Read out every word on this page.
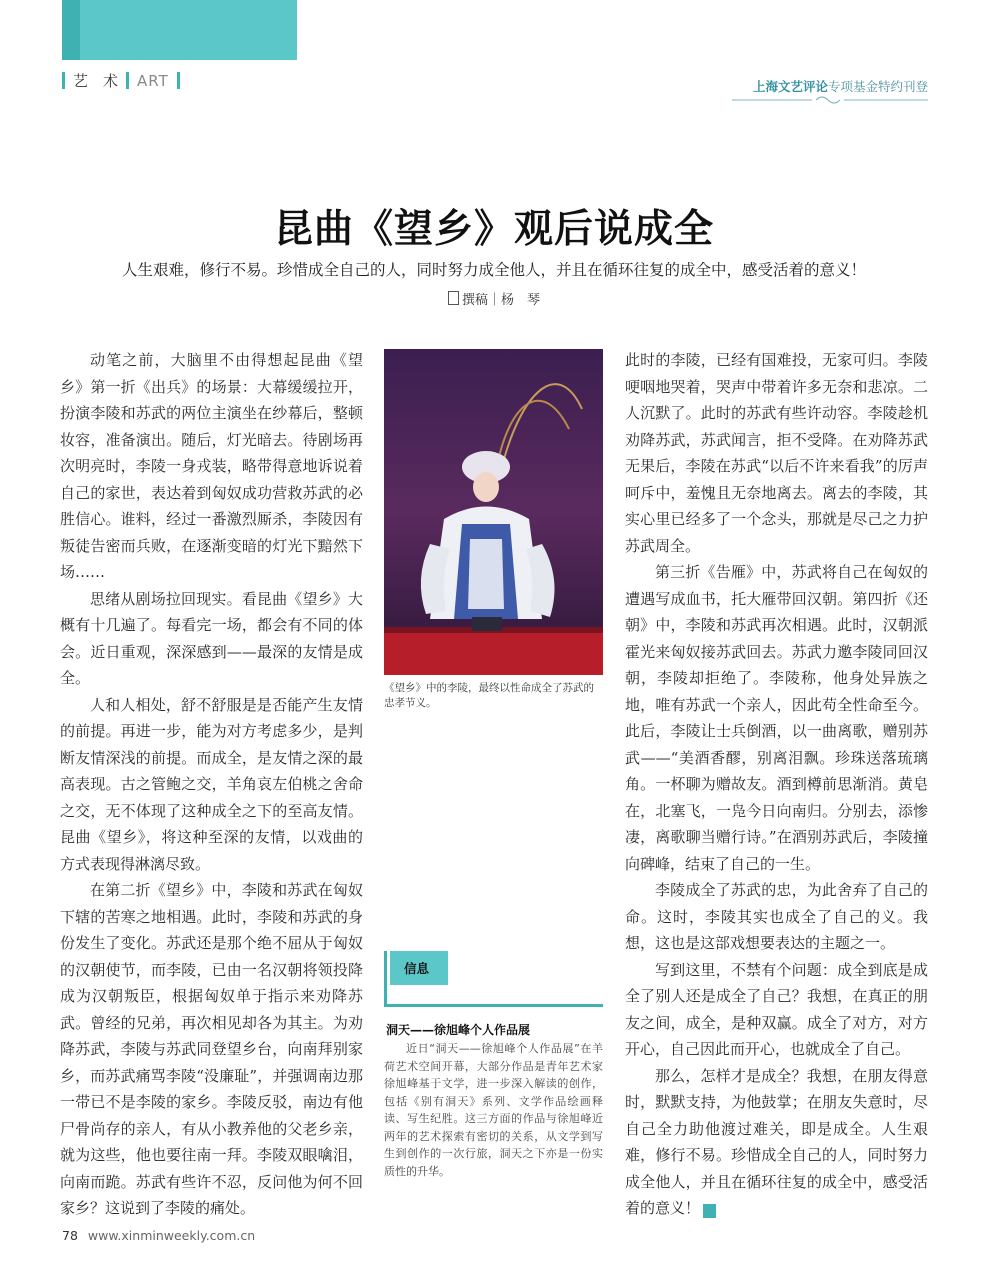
艺　术 ART	上海文艺评论专项基金特约刊登
昆曲《望乡》观后说成全
人生艰难，修行不易。珍惜成全自己的人，同时努力成全他人，并且在循环往复的成全中，感受活着的意义！
撰稿｜杨　琴

动笔之前，大脑里不由得想起昆曲《望乡》第一折《出兵》的场景：大幕缓缓拉开，扮演李陵和苏武的两位主演坐在纱幕后，整顿妆容，准备演出。随后，灯光暗去。待剧场再次明亮时，李陵一身戎装，略带得意地诉说着自己的家世，表达着到匈奴成功营救苏武的必胜信心。谁料，经过一番激烈厮杀，李陵因有叛徒告密而兵败，在逐渐变暗的灯光下黯然下场……

思绪从剧场拉回现实。看昆曲《望乡》大概有十几遍了。每看完一场，都会有不同的体会。近日重观，深深感到——最深的友情是成全。

人和人相处，舒不舒服是是否能产生友情的前提。再进一步，能为对方考虑多少，是判断友情深浅的前提。而成全，是友情之深的最高表现。古之管鲍之交，羊角哀左伯桃之舍命之交，无不体现了这种成全之下的至高友情。昆曲《望乡》，将这种至深的友情，以戏曲的方式表现得淋漓尽致。

在第二折《望乡》中，李陵和苏武在匈奴下辖的苦寒之地相遇。此时，李陵和苏武的身份发生了变化。苏武还是那个绝不屈从于匈奴的汉朝使节，而李陵，已由一名汉朝将领投降成为汉朝叛臣，根据匈奴单于指示来劝降苏武。曾经的兄弟，再次相见却各为其主。为劝降苏武，李陵与苏武同登望乡台，向南拜别家乡，而苏武痛骂李陵“没廉耻”，并强调南边那一带已不是李陵的家乡。李陵反驳，南边有他尸骨尚存的亲人，有从小教养他的父老乡亲，就为这些，他也要往南一拜。李陵双眼噙泪，向南而跪。苏武有些许不忍，反问他为何不回家乡？这说到了李陵的痛处。

《望乡》中的李陵，最终以性命成全了苏武的忠孝节义。
信息
洞天——徐旭峰个人作品展

近日“洞天——徐旭峰个人作品展”在羊荷艺术空间开幕，大部分作品是青年艺术家徐旭峰基于文学，进一步深入解读的创作，包括《别有洞天》系列、文学作品绘画释读、写生纪胜。这三方面的作品与徐旭峰近两年的艺术探索有密切的关系，从文学到写生到创作的一次行旅，洞天之下亦是一份实质性的升华。

此时的李陵，已经有国难投，无家可归。李陵哽咽地哭着，哭声中带着许多无奈和悲凉。二人沉默了。此时的苏武有些许动容。李陵趁机劝降苏武，苏武闻言，拒不受降。在劝降苏武无果后，李陵在苏武“以后不许来看我”的厉声呵斥中，羞愧且无奈地离去。离去的李陵，其实心里已经多了一个念头，那就是尽己之力护苏武周全。

第三折《告雁》中，苏武将自己在匈奴的遭遇写成血书，托大雁带回汉朝。第四折《还朝》中，李陵和苏武再次相遇。此时，汉朝派霍光来匈奴接苏武回去。苏武力邀李陵同回汉朝，李陵却拒绝了。李陵称，他身处异族之地，唯有苏武一个亲人，因此苟全性命至今。此后，李陵让士兵倒酒，以一曲离歌，赠别苏武——“美酒香醪，别离泪飘。珍珠送落琉璃角。一杯聊为赠故友。酒到樽前思渐消。黄皂在，北塞飞，一凫今日向南归。分别去，添惨凄，离歌聊当赠行诗。”在酒别苏武后，李陵撞向碑峰，结束了自己的一生。

李陵成全了苏武的忠，为此舍弃了自己的命。这时，李陵其实也成全了自己的义。我想，这也是这部戏想要表达的主题之一。

写到这里，不禁有个问题：成全到底是成全了别人还是成全了自己？我想，在真正的朋友之间，成全，是种双赢。成全了对方，对方开心，自己因此而开心，也就成全了自己。

那么，怎样才是成全？我想，在朋友得意时，默默支持，为他鼓掌；在朋友失意时，尽自己全力助他渡过难关，即是成全。人生艰难，修行不易。珍惜成全自己的人，同时努力成全他人，并且在循环往复的成全中，感受活着的意义！	新

78 www.xinminweekly.com.cn
